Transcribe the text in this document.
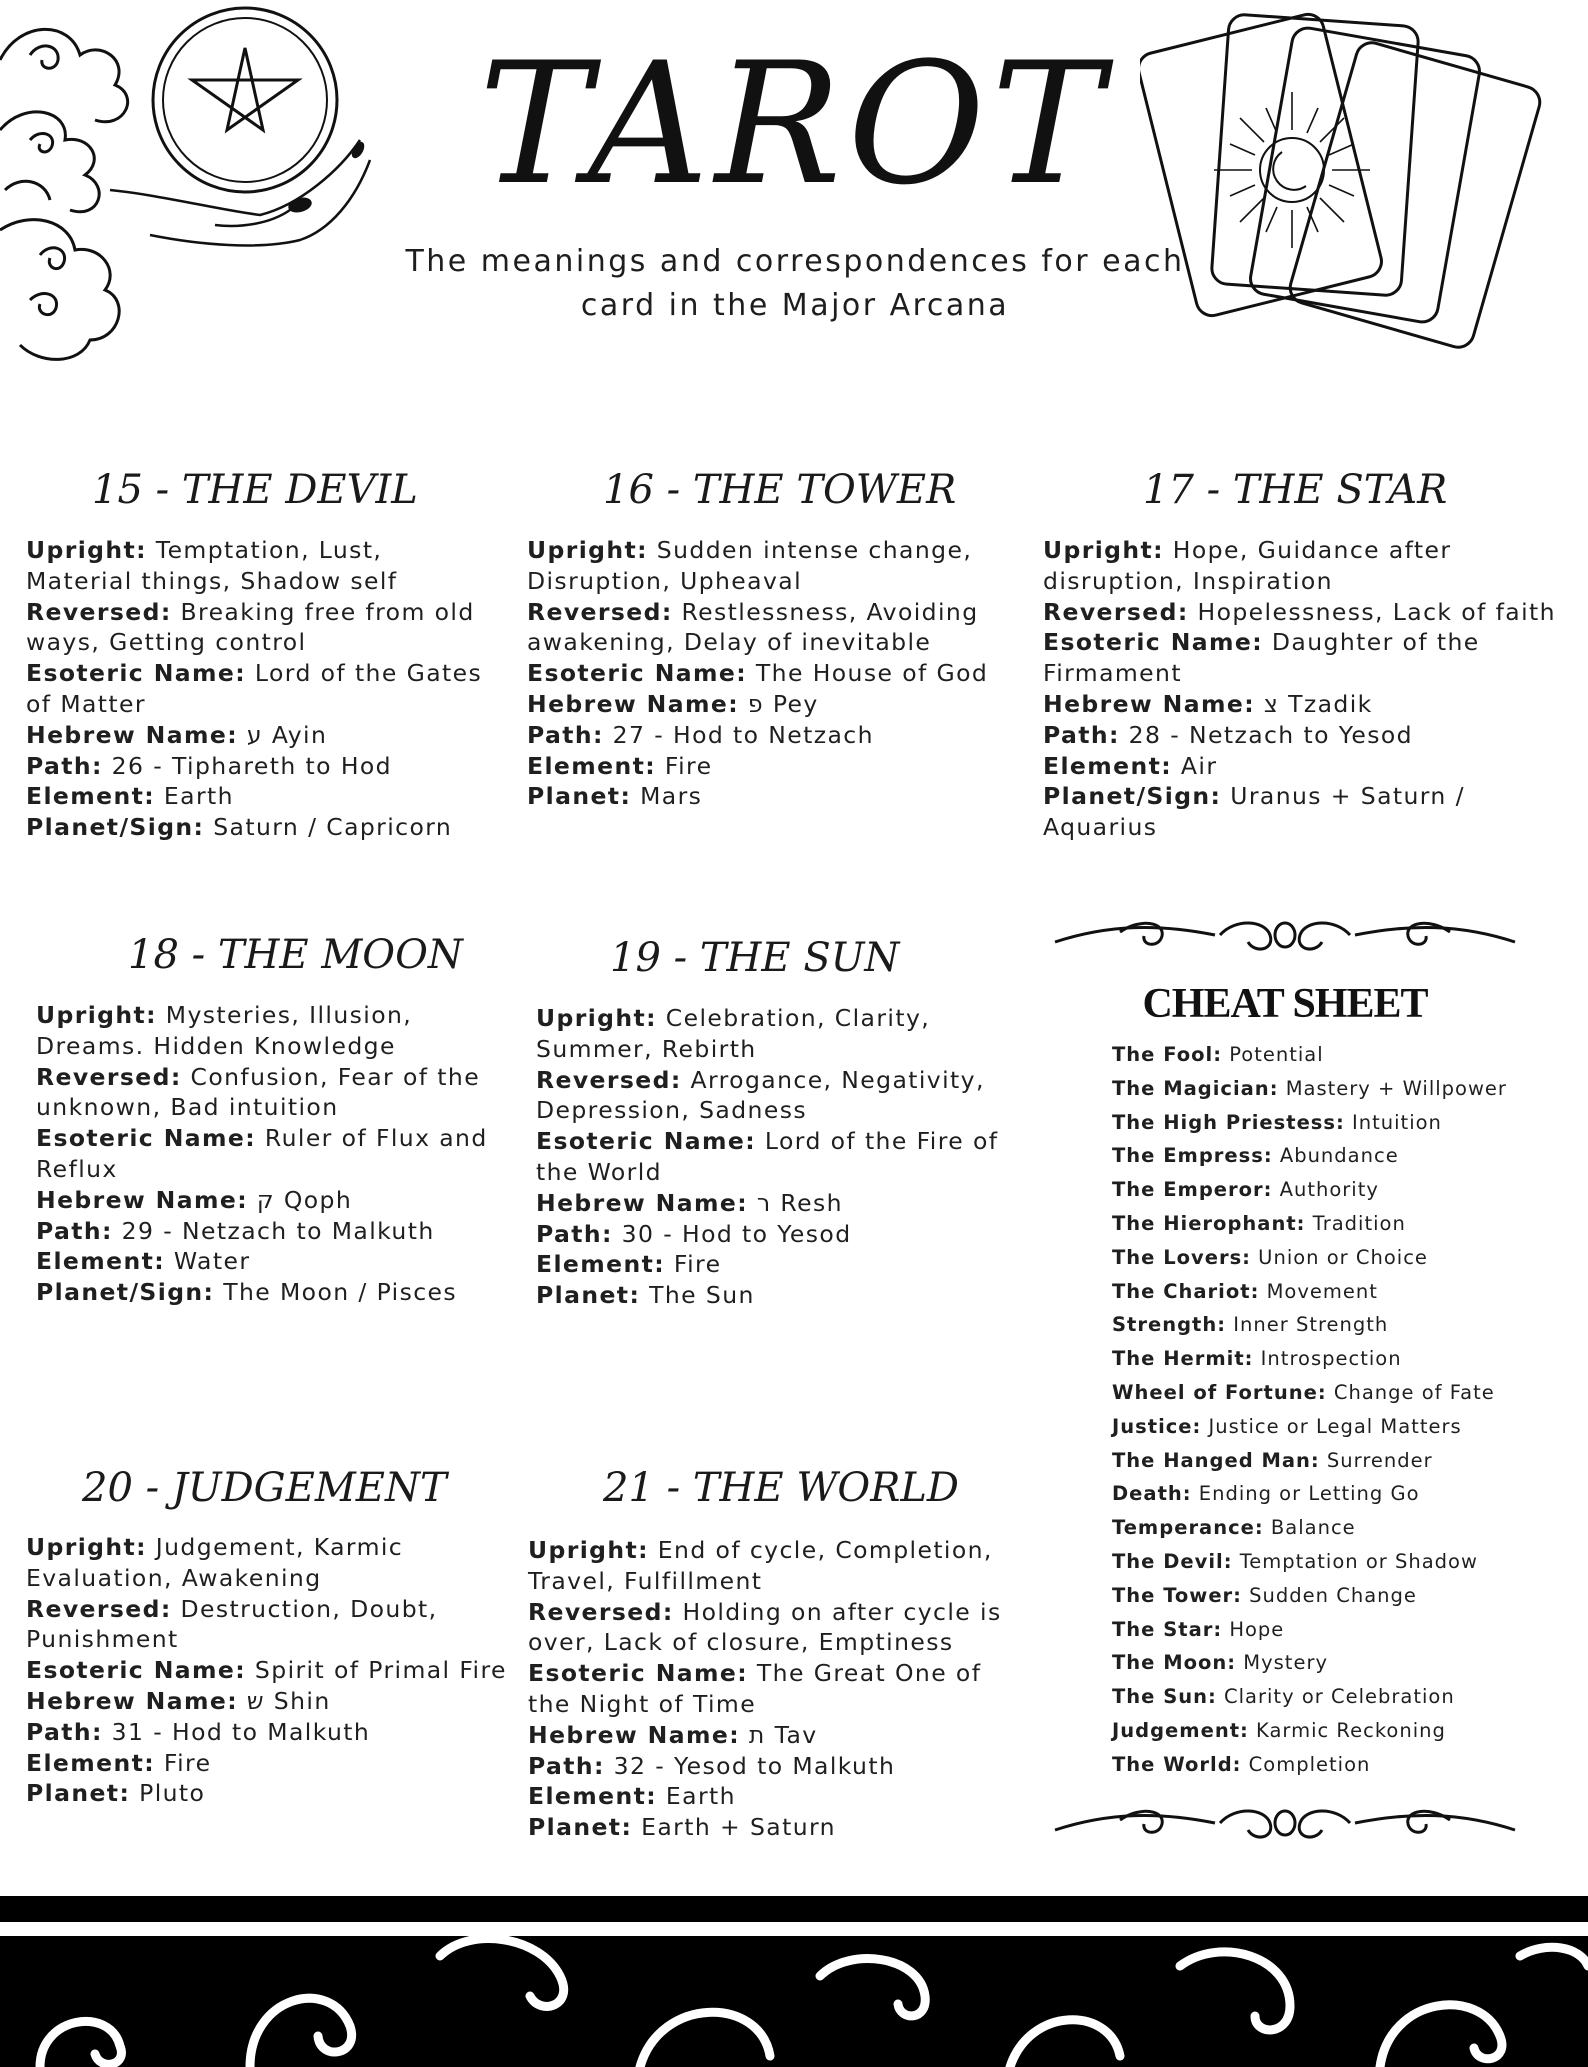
TAROT
The meanings and correspondences for each
card in the Major Arcana
15 - THE DEVIL	16 - THE TOWER	17 - THE STAR
18 - THE MOON	19 - THE SUN
20 - JUDGEMENT	21 - THE WORLD
Upright: Temptation, Lust,
Material things, Shadow self
Reversed: Breaking free from old
ways, Getting control
Esoteric Name: Lord of the Gates
of Matter
Hebrew Name: ע Ayin
Path: 26 - Tiphareth to Hod
Element: Earth
Planet/Sign: Saturn / Capricorn
Upright: Sudden intense change,
Disruption, Upheaval
Reversed: Restlessness, Avoiding
awakening, Delay of inevitable
Esoteric Name: The House of God
Hebrew Name: פ Pey
Path: 27 - Hod to Netzach
Element: Fire
Planet: Mars
Upright: Hope, Guidance after
disruption, Inspiration
Reversed: Hopelessness, Lack of faith
Esoteric Name: Daughter of the
Firmament
Hebrew Name: צ Tzadik
Path: 28 - Netzach to Yesod
Element: Air
Planet/Sign: Uranus + Saturn /
Aquarius
Upright: Mysteries, Illusion,
Dreams. Hidden Knowledge
Reversed: Confusion, Fear of the
unknown, Bad intuition
Esoteric Name: Ruler of Flux and
Reflux
Hebrew Name: ק Qoph
Path: 29 - Netzach to Malkuth
Element: Water
Planet/Sign: The Moon / Pisces
Upright: Celebration, Clarity,
Summer, Rebirth
Reversed: Arrogance, Negativity,
Depression, Sadness
Esoteric Name: Lord of the Fire of
the World
Hebrew Name: ר Resh
Path: 30 - Hod to Yesod
Element: Fire
Planet: The Sun
Upright: Judgement, Karmic
Evaluation, Awakening
Reversed: Destruction, Doubt,
Punishment
Esoteric Name: Spirit of Primal Fire
Hebrew Name: ש Shin
Path: 31 - Hod to Malkuth
Element: Fire
Planet: Pluto
Upright: End of cycle, Completion,
Travel, Fulfillment
Reversed: Holding on after cycle is
over, Lack of closure, Emptiness
Esoteric Name: The Great One of
the Night of Time
Hebrew Name: ת Tav
Path: 32 - Yesod to Malkuth
Element: Earth
Planet: Earth + Saturn
CHEAT SHEET
The Fool: Potential
The Magician: Mastery + Willpower
The High Priestess: Intuition
The Empress: Abundance
The Emperor: Authority
The Hierophant: Tradition
The Lovers: Union or Choice
The Chariot: Movement
Strength: Inner Strength
The Hermit: Introspection
Wheel of Fortune: Change of Fate
Justice: Justice or Legal Matters
The Hanged Man: Surrender
Death: Ending or Letting Go
Temperance: Balance
The Devil: Temptation or Shadow
The Tower: Sudden Change
The Star: Hope
The Moon: Mystery
The Sun: Clarity or Celebration
Judgement: Karmic Reckoning
The World: Completion
